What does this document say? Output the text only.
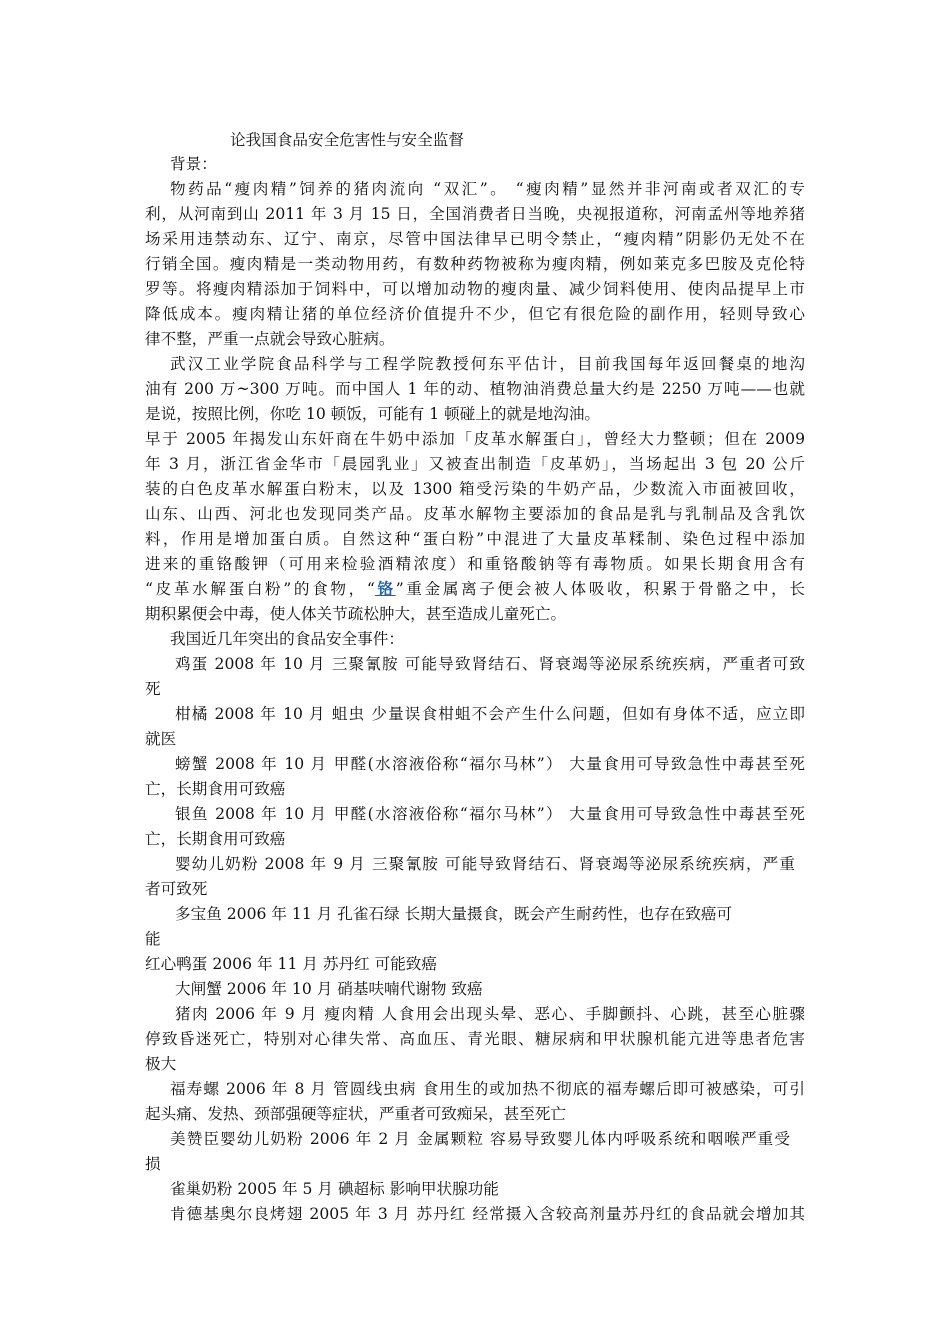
论我国食品安全危害性与安全监督
背景：
物药品“瘦肉精”饲养的猪肉流向 “双汇”。 “瘦肉精”显然并非河南或者双汇的专
利，从河南到山 2011 年 3 月 15 日，全国消费者日当晚，央视报道称，河南孟州等地养猪
场采用违禁动东、辽宁、南京，尽管中国法律早已明令禁止，“瘦肉精”阴影仍无处不在
行销全国。瘦肉精是一类动物用药，有数种药物被称为瘦肉精，例如莱克多巴胺及克伦特
罗等。将瘦肉精添加于饲料中，可以增加动物的瘦肉量、减少饲料使用、使肉品提早上市
降低成本。瘦肉精让猪的单位经济价值提升不少，但它有很危险的副作用，轻则导致心
律不整，严重一点就会导致心脏病。
武汉工业学院食品科学与工程学院教授何东平估计，目前我国每年返回餐桌的地沟
油有 200 万~300 万吨。而中国人 1 年的动、植物油消费总量大约是 2250 万吨——也就
是说，按照比例，你吃 10 顿饭，可能有 1 顿碰上的就是地沟油。
早于 2005 年揭发山东奸商在牛奶中添加「皮革水解蛋白」，曾经大力整顿；但在 2009
年 3 月，浙江省金华市「晨园乳业」又被查出制造「皮革奶」，当场起出 3 包 20 公斤
装的白色皮革水解蛋白粉末，以及 1300 箱受污染的牛奶产品，少数流入市面被回收，
山东、山西、河北也发现同类产品。皮革水解物主要添加的食品是乳与乳制品及含乳饮
料，作用是增加蛋白质。自然这种“蛋白粉”中混进了大量皮革糅制、染色过程中添加
进来的重铬酸钾（可用来检验酒精浓度）和重铬酸钠等有毒物质。如果长期食用含有
“皮革水解蛋白粉”的食物，“铬”重金属离子便会被人体吸收，积累于骨骼之中，长
期积累便会中毒，使人体关节疏松肿大，甚至造成儿童死亡。
我国近几年突出的食品安全事件：
鸡蛋 2008 年 10 月 三聚氰胺 可能导致肾结石、肾衰竭等泌尿系统疾病，严重者可致
死
柑橘 2008 年 10 月 蛆虫 少量误食柑蛆不会产生什么问题，但如有身体不适，应立即
就医
螃蟹 2008 年 10 月 甲醛(水溶液俗称“福尔马林”） 大量食用可导致急性中毒甚至死
亡，长期食用可致癌
银鱼 2008 年 10 月 甲醛(水溶液俗称“福尔马林”） 大量食用可导致急性中毒甚至死
亡，长期食用可致癌
婴幼儿奶粉 2008 年 9 月 三聚氰胺 可能导致肾结石、肾衰竭等泌尿系统疾病，严重
者可致死
多宝鱼 2006 年 11 月 孔雀石绿 长期大量摄食，既会产生耐药性，也存在致癌可
能
红心鸭蛋 2006 年 11 月 苏丹红 可能致癌
大闸蟹 2006 年 10 月 硝基呋喃代谢物 致癌
猪肉 2006 年 9 月 瘦肉精 人食用会出现头晕、恶心、手脚颤抖、心跳，甚至心脏骤
停致昏迷死亡，特别对心律失常、高血压、青光眼、糖尿病和甲状腺机能亢进等患者危害
极大
福寿螺 2006 年 8 月 管圆线虫病 食用生的或加热不彻底的福寿螺后即可被感染，可引
起头痛、发热、颈部强硬等症状，严重者可致痴呆，甚至死亡
美赞臣婴幼儿奶粉 2006 年 2 月 金属颗粒 容易导致婴儿体内呼吸系统和咽喉严重受
损
雀巢奶粉 2005 年 5 月 碘超标 影响甲状腺功能
肯德基奥尔良烤翅 2005 年 3 月 苏丹红 经常摄入含较高剂量苏丹红的食品就会增加其
